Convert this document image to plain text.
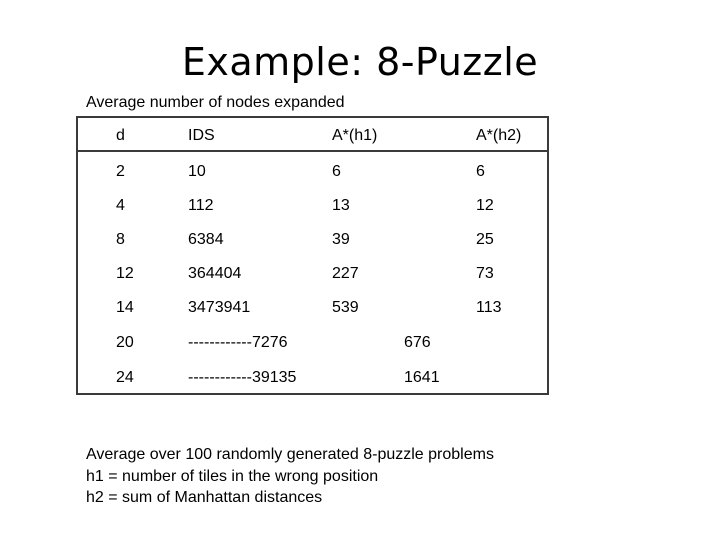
Example: 8-Puzzle
Average number of nodes expanded
d	IDS	A*(h1)	A*(h2)
2	10	6	6
4	112	13	12
8	6384	39	25
12	364404	227	73
14	3473941	539	113
20	------------7276	676
24	------------39135	1641
Average over 100 randomly generated 8-puzzle problems
h1 = number of tiles in the wrong position
h2 = sum of Manhattan distances
